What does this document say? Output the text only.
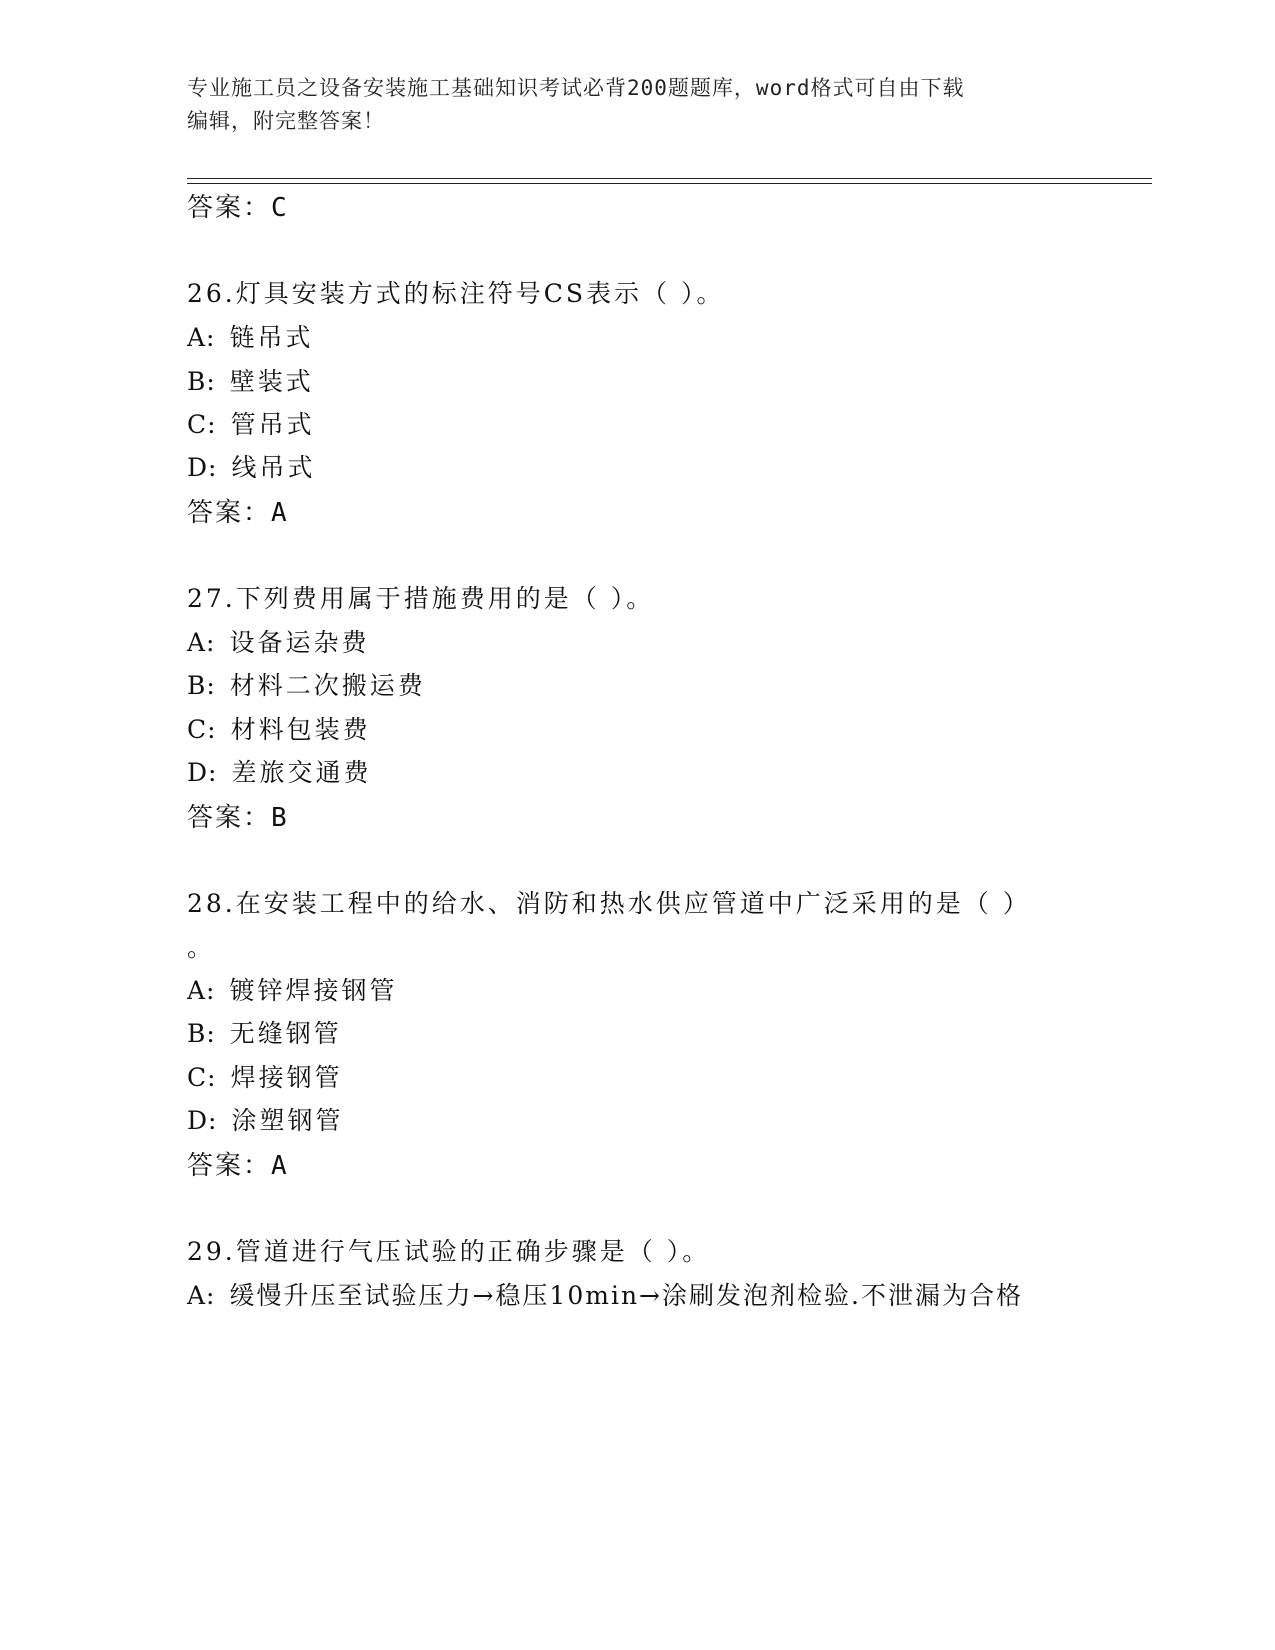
专业施工员之设备安装施工基础知识考试必背200题题库，word格式可自由下载
编辑，附完整答案！
答案：C
26.灯具安装方式的标注符号CS表示（ ）。
A: 链吊式
B: 壁装式
C: 管吊式
D: 线吊式
答案：A
27.下列费用属于措施费用的是（ ）。
A: 设备运杂费
B: 材料二次搬运费
C: 材料包装费
D: 差旅交通费
答案：B
28.在安装工程中的给水、消防和热水供应管道中广泛采用的是（ ）
。
A: 镀锌焊接钢管
B: 无缝钢管
C: 焊接钢管
D: 涂塑钢管
答案：A
29.管道进行气压试验的正确步骤是（ ）。
A: 缓慢升压至试验压力→稳压10min→涂刷发泡剂检验.不泄漏为合格
